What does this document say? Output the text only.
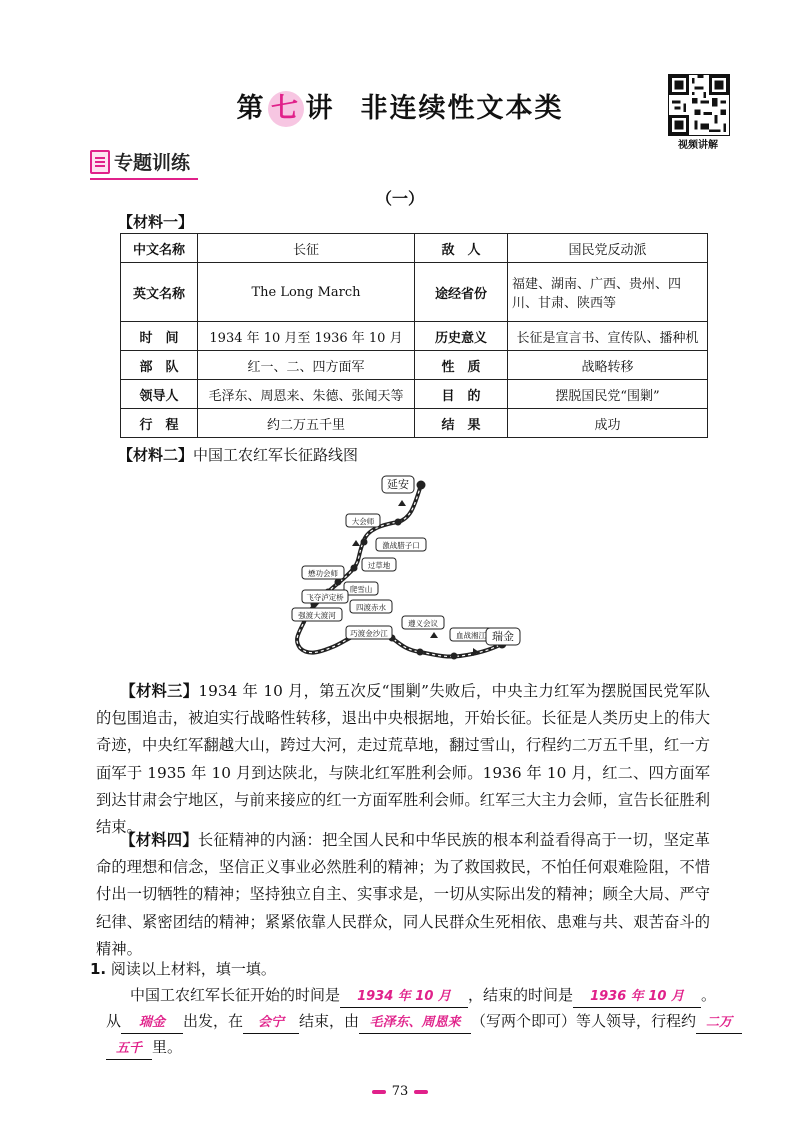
第 七 讲 非连续性文本类
视频讲解
专题训练
（一）
【材料一】
中文名称	长征	敌　人	国民党反动派
英文名称	The Long March	途经省份	福建、湖南、广西、贵州、四川、甘肃、陕西等
时　间	1934 年 10 月至 1936 年 10 月	历史意义	长征是宣言书、宣传队、播种机
部　队	红一、二、四方面军	性　质	战略转移
领导人	毛泽东、周恩来、朱德、张闻天等	目　的	摆脱国民党“围剿”
行　程	约二万五千里	结　果	成功
【材料二】中国工农红军长征路线图
延安
大会师
激战腊子口
过草地
懋功会师
爬雪山
飞夺泸定桥
强渡大渡河
四渡赤水
遵义会议
巧渡金沙江	血战湘江 瑞金
【材料三】1934 年 10 月，第五次反“围剿”失败后，中央主力红军为摆脱国民党军队的包围追击，被迫实行战略性转移，退出中央根据地，开始长征。长征是人类历史上的伟大奇迹，中央红军翻越大山，跨过大河，走过荒草地，翻过雪山，行程约二万五千里，红一方面军于 1935 年 10 月到达陕北，与陕北红军胜利会师。1936 年 10 月，红二、四方面军到达甘肃会宁地区，与前来接应的红一方面军胜利会师。红军三大主力会师，宣告长征胜利结束。
【材料四】长征精神的内涵：把全国人民和中华民族的根本利益看得高于一切，坚定革命的理想和信念，坚信正义事业必然胜利的精神；为了救国救民，不怕任何艰难险阻，不惜付出一切牺牲的精神；坚持独立自主、实事求是，一切从实际出发的精神；顾全大局、严守纪律、紧密团结的精神；紧紧依靠人民群众，同人民群众生死相依、患难与共、艰苦奋斗的精神。
1. 阅读以上材料，填一填。
中国工农红军长征开始的时间是 1934 年 10 月 ，结束的时间是 1936 年 10 月 。
从 瑞金 出发，在 会宁 结束，由 毛泽东、周恩来 （写两个即可）等人领导，行程约 二万
五千 里。
73
